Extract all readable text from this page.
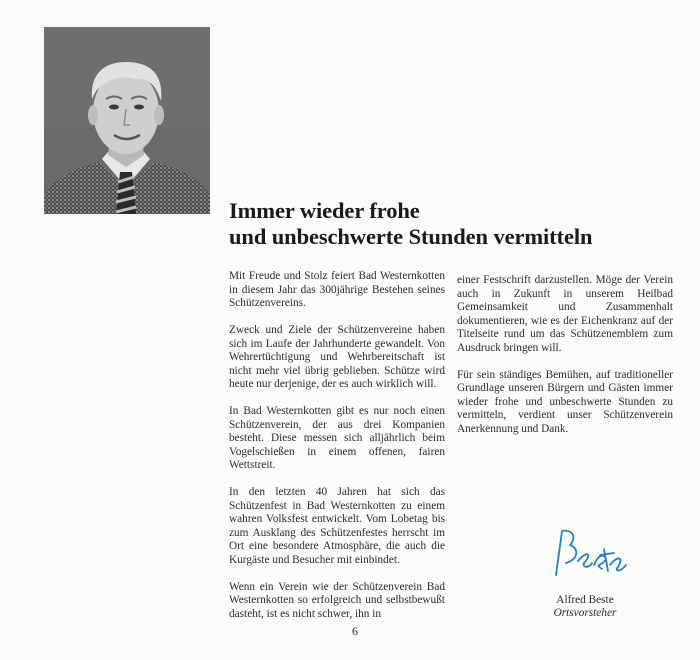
Immer wieder frohe
und unbeschwerte Stunden vermitteln

Mit Freude und Stolz feiert Bad Westernkotten in diesem Jahr das 300jährige Bestehen seines Schützenvereins.

Zweck und Ziele der Schützenvereine haben sich im Laufe der Jahrhunderte gewandelt. Von Wehrertüchtigung und Wehrbereitschaft ist nicht mehr viel übrig geblieben. Schütze wird heute nur derjenige, der es auch wirklich will.

In Bad Westernkotten gibt es nur noch einen Schützenverein, der aus drei Kompanien besteht. Diese messen sich alljährlich beim Vogelschießen in einem offenen, fairen Wettstreit.

In den letzten 40 Jahren hat sich das Schützenfest in Bad Westernkotten zu einem wahren Volksfest entwickelt. Vom Lobetag bis zum Ausklang des Schützenfestes herrscht im Ort eine besondere Atmosphäre, die auch die Kurgäste und Besucher mit einbindet.

Wenn ein Verein wie der Schützenverein Bad Westernkotten so erfolgreich und selbstbewußt dasteht, ist es nicht schwer, ihn in

einer Festschrift darzustellen. Möge der Verein auch in Zukunft in unserem Heilbad Gemeinsamkeit und Zusammenhalt dokumentieren, wie es der Eichenkranz auf der Titelseite rund um das Schützenemblem zum Ausdruck bringen will.

Für sein ständiges Bemühen, auf traditioneller Grundlage unseren Bürgern und Gästen immer wieder frohe und unbeschwerte Stunden zu vermitteln, verdient unser Schützenverein Anerkennung und Dank.

Alfred Beste
Ortsvorsteher
6
